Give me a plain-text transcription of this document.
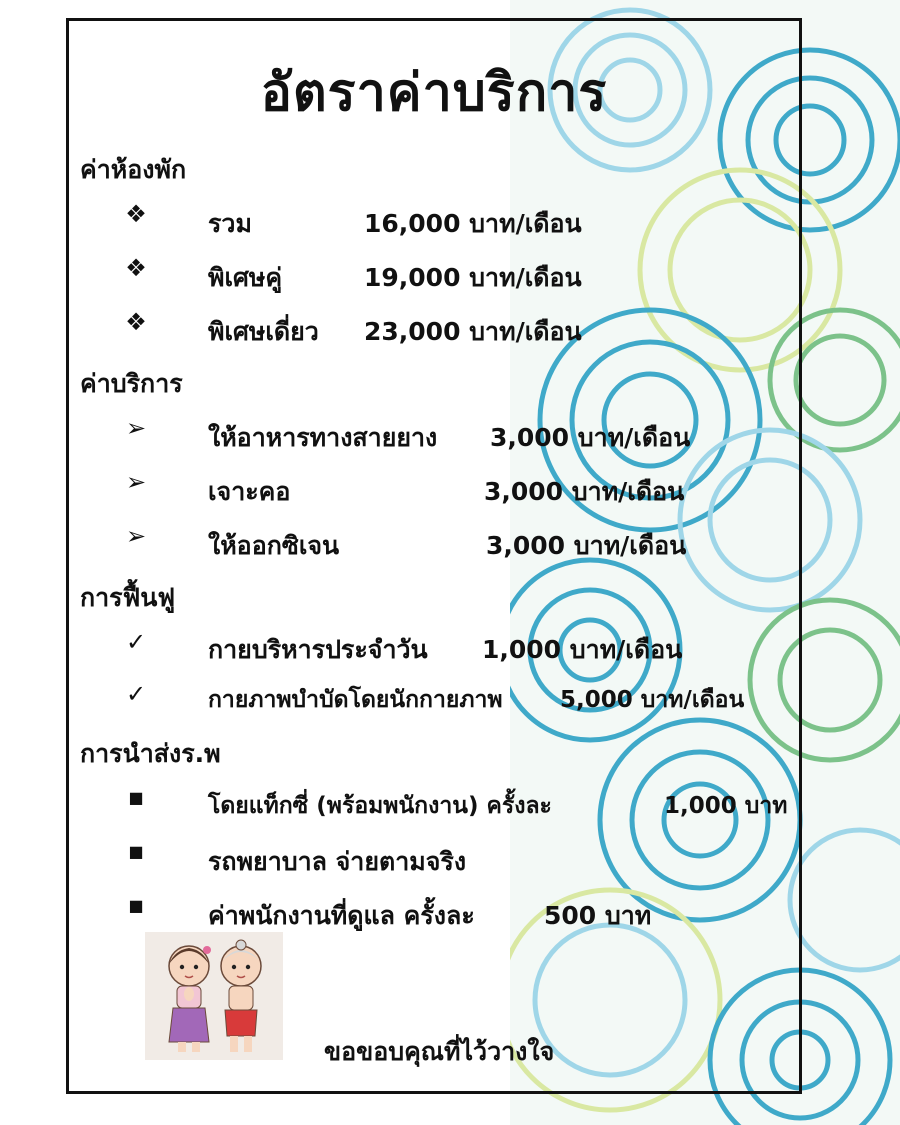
อัตราค่าบริการ
ค่าห้องพัก
❖	รวม	16,000 บาท/เดือน
❖	พิเศษคู่	19,000 บาท/เดือน
❖	พิเศษเดี่ยว 23,000 บาท/เดือน
ค่าบริการ
➢	ให้อาหารทางสายยาง 3,000 บาท/เดือน
➢	เจาะคอ	3,000 บาท/เดือน
➢	ให้ออกซิเจน	3,000 บาท/เดือน
การฟื้นฟู
✓	กายบริหารประจำวัน 1,000 บาท/เดือน
✓	กายภาพบำบัดโดยนักกายภาพ 5,000 บาท/เดือน
การนำส่งร.พ
■	โดยแท็กซี่ (พร้อมพนักงาน) ครั้งละ	1,000 บาท
■	รถพยาบาล จ่ายตามจริง
■	ค่าพนักงานที่ดูแล ครั้งละ	500 บาท
ขอขอบคุณที่ไว้วางใจ
